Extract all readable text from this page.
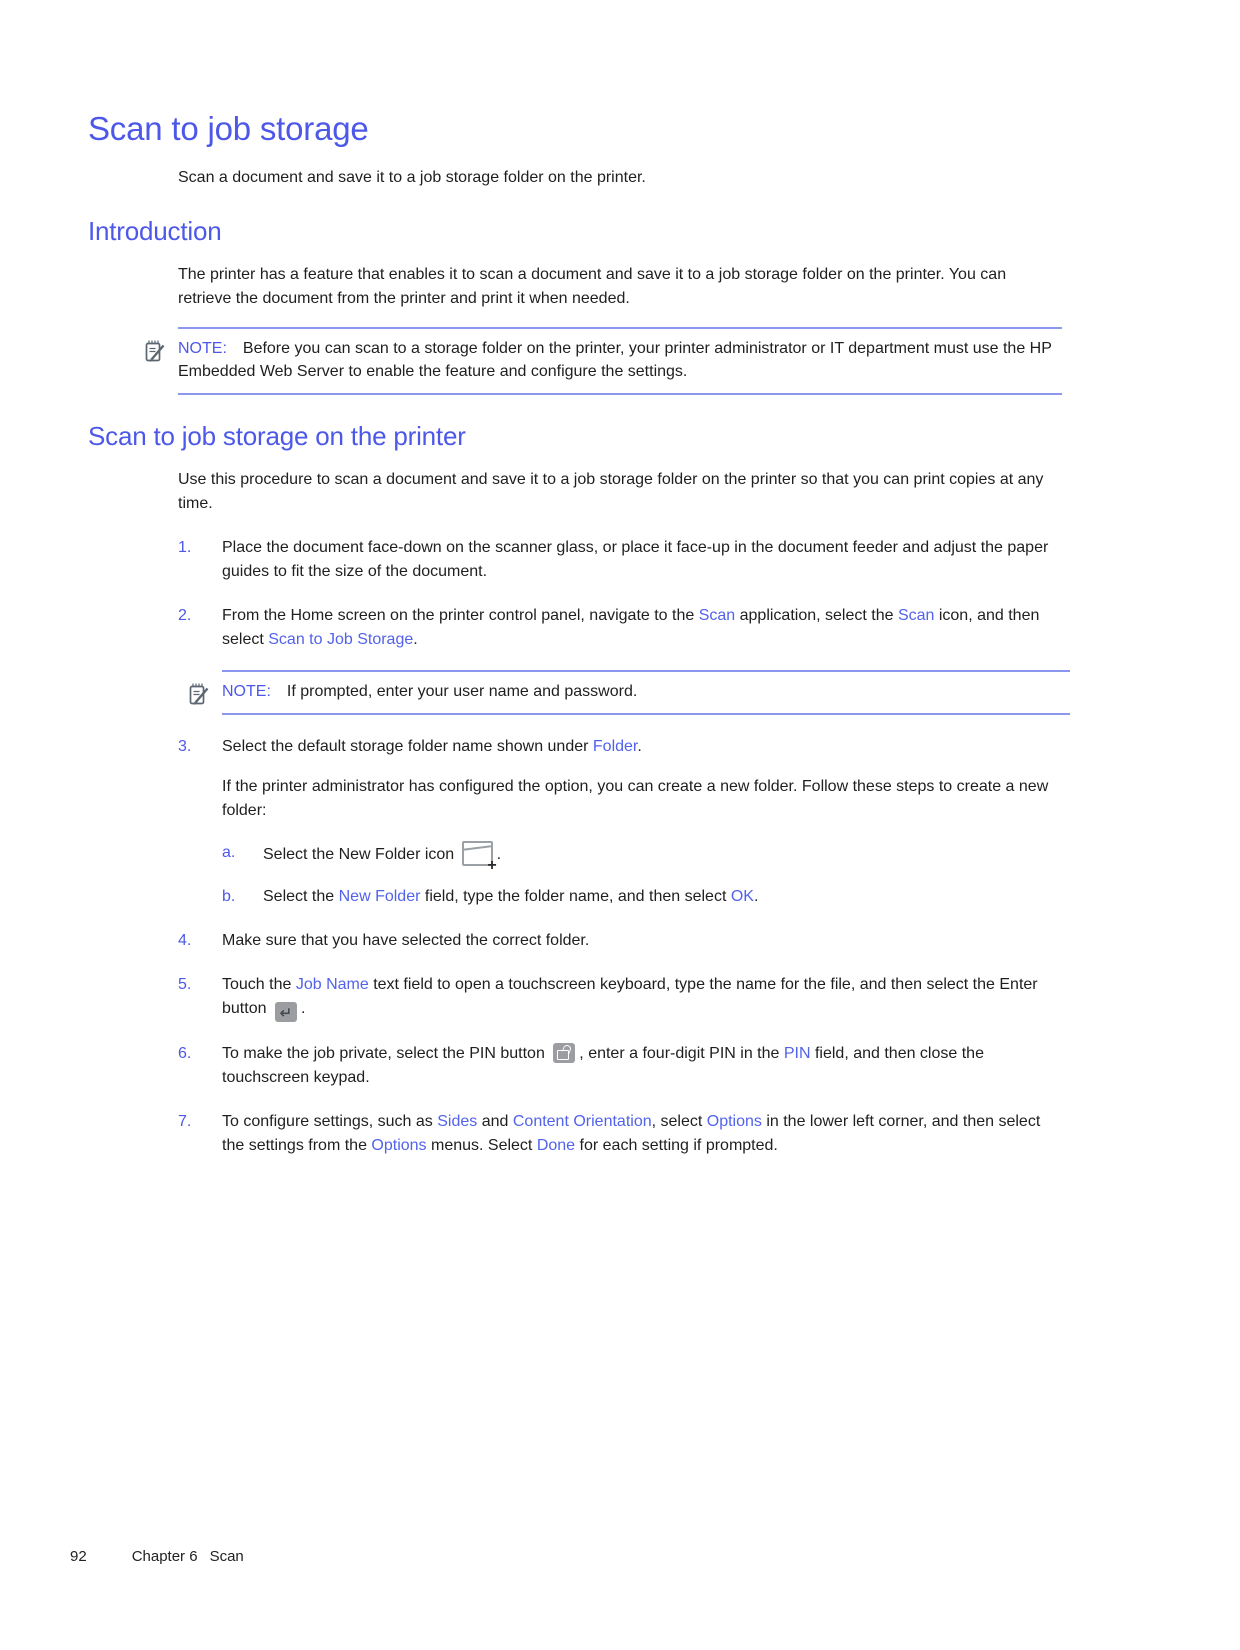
Scan to job storage

Scan a document and save it to a job storage folder on the printer.

Introduction

The printer has a feature that enables it to scan a document and save it to a job storage folder on the printer. You can retrieve the document from the printer and print it when needed.

NOTE: Before you can scan to a storage folder on the printer, your printer administrator or IT department must use the HP Embedded Web Server to enable the feature and configure the settings.
Scan to job storage on the printer

Use this procedure to scan a document and save it to a job storage folder on the printer so that you can print copies at any time.

1.	Place the document face-down on the scanner glass, or place it face-up in the document feeder and adjust the paper guides to fit the size of the document.
2.	From the Home screen on the printer control panel, navigate to the Scan application, select the Scan icon, and then select Scan to Job Storage.
NOTE: If prompted, enter your user name and password.
3.	Select the default storage folder name shown under Folder.

If the printer administrator has configured the option, you can create a new folder. Follow these steps to create a new folder:

a.	Select the New Folder icon +.
b.	Select the New Folder field, type the folder name, and then select OK.
4.	Make sure that you have selected the correct folder.
5.	Touch the Job Name text field to open a touchscreen keyboard, type the name for the file, and then select the Enter button ↵.
6.	To make the job private, select the PIN button , enter a four-digit PIN in the PIN field, and then close the touchscreen keypad.
7.	To configure settings, such as Sides and Content Orientation, select Options in the lower left corner, and then select the settings from the Options menus. Select Done for each setting if prompted.
92	Chapter 6 Scan
